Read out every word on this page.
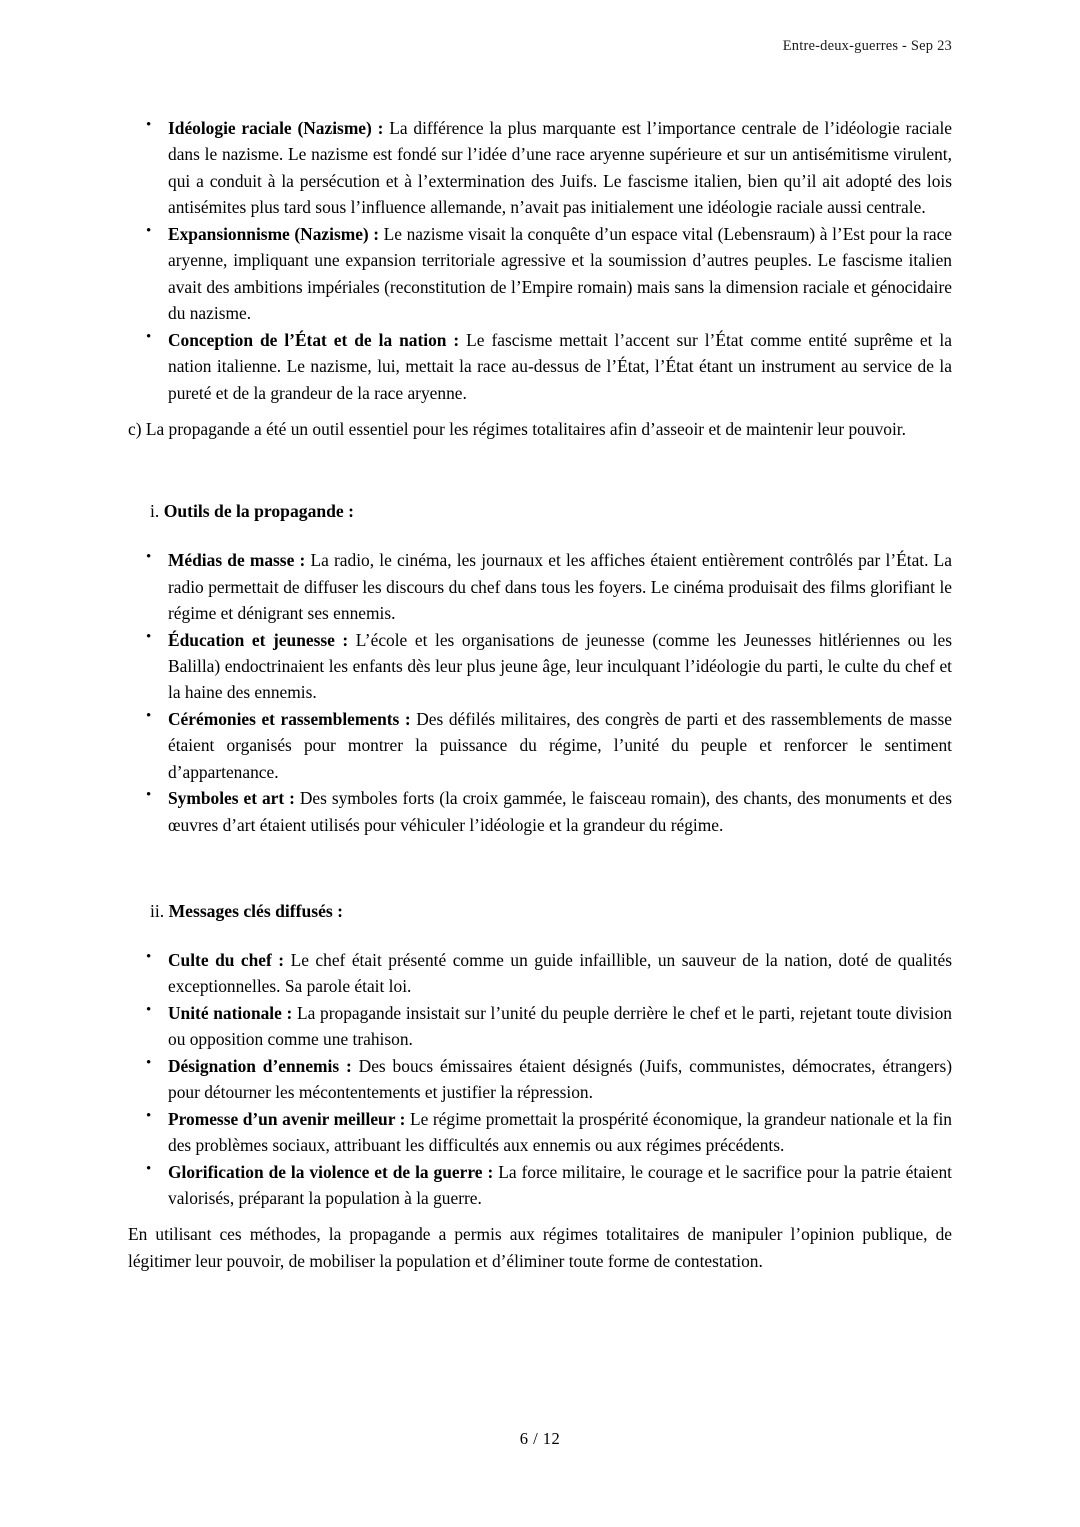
Entre-deux-guerres - Sep 23
• Idéologie raciale (Nazisme) : La différence la plus marquante est l’importance centrale de l’idéologie raciale dans le nazisme. Le nazisme est fondé sur l’idée d’une race aryenne supérieure et sur un antisémitisme virulent, qui a conduit à la persécution et à l’extermination des Juifs. Le fascisme italien, bien qu’il ait adopté des lois antisémites plus tard sous l’influence allemande, n’avait pas initialement une idéologie raciale aussi centrale.
• Expansionnisme (Nazisme) : Le nazisme visait la conquête d’un espace vital (Lebensraum) à l’Est pour la race aryenne, impliquant une expansion territoriale agressive et la soumission d’autres peuples. Le fascisme italien avait des ambitions impériales (reconstitution de l’Empire romain) mais sans la dimension raciale et génocidaire du nazisme.
• Conception de l’État et de la nation : Le fascisme mettait l’accent sur l’État comme entité suprême et la nation italienne. Le nazisme, lui, mettait la race au-dessus de l’État, l’État étant un instrument au service de la pureté et de la grandeur de la race aryenne.

c) La propagande a été un outil essentiel pour les régimes totalitaires afin d’asseoir et de maintenir leur pouvoir.

i. Outils de la propagande :
• Médias de masse : La radio, le cinéma, les journaux et les affiches étaient entièrement contrôlés par l’État. La radio permettait de diffuser les discours du chef dans tous les foyers. Le cinéma produisait des films glorifiant le régime et dénigrant ses ennemis.
• Éducation et jeunesse : L’école et les organisations de jeunesse (comme les Jeunesses hitlériennes ou les Balilla) endoctrinaient les enfants dès leur plus jeune âge, leur inculquant l’idéologie du parti, le culte du chef et la haine des ennemis.
• Cérémonies et rassemblements : Des défilés militaires, des congrès de parti et des rassemblements de masse étaient organisés pour montrer la puissance du régime, l’unité du peuple et renforcer le sentiment d’appartenance.
• Symboles et art : Des symboles forts (la croix gammée, le faisceau romain), des chants, des monuments et des œuvres d’art étaient utilisés pour véhiculer l’idéologie et la grandeur du régime.
ii. Messages clés diffusés :
• Culte du chef : Le chef était présenté comme un guide infaillible, un sauveur de la nation, doté de qualités exceptionnelles. Sa parole était loi.
• Unité nationale : La propagande insistait sur l’unité du peuple derrière le chef et le parti, rejetant toute division ou opposition comme une trahison.
• Désignation d’ennemis : Des boucs émissaires étaient désignés (Juifs, communistes, démocrates, étrangers) pour détourner les mécontentements et justifier la répression.
• Promesse d’un avenir meilleur : Le régime promettait la prospérité économique, la grandeur nationale et la fin des problèmes sociaux, attribuant les difficultés aux ennemis ou aux régimes précédents.
• Glorification de la violence et de la guerre : La force militaire, le courage et le sacrifice pour la patrie étaient valorisés, préparant la population à la guerre.

En utilisant ces méthodes, la propagande a permis aux régimes totalitaires de manipuler l’opinion publique, de légitimer leur pouvoir, de mobiliser la population et d’éliminer toute forme de contestation.

6 / 12
